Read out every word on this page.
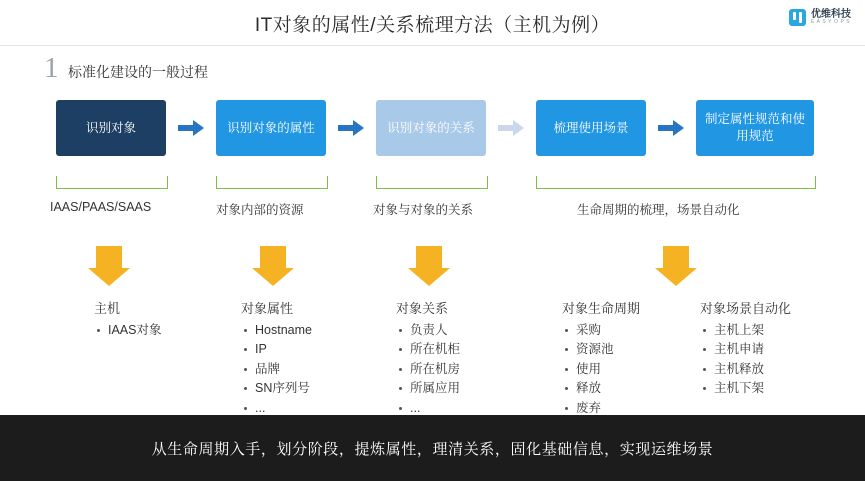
IT对象的属性/关系梳理方法（主机为例）
优维科技
E A S Y O P S
1 标准化建设的一般过程
识别对象	识别对象的属性	识别对象的关系	梳理使用场景
制定属性规范和使用规范
IAAS/PAAS/SAAS	对象内部的资源	对象与对象的关系	生命周期的梳理，场景自动化
主机
IAAS对象
对象属性
Hostname
IP
品牌
SN序列号
...
对象关系
负责人
所在机柜
所在机房
所属应用
...
对象生命周期
采购
资源池
使用
释放
废弃
对象场景自动化
主机上架
主机申请
主机释放
主机下架
从生命周期入手，划分阶段，提炼属性，理清关系，固化基础信息，实现运维场景
